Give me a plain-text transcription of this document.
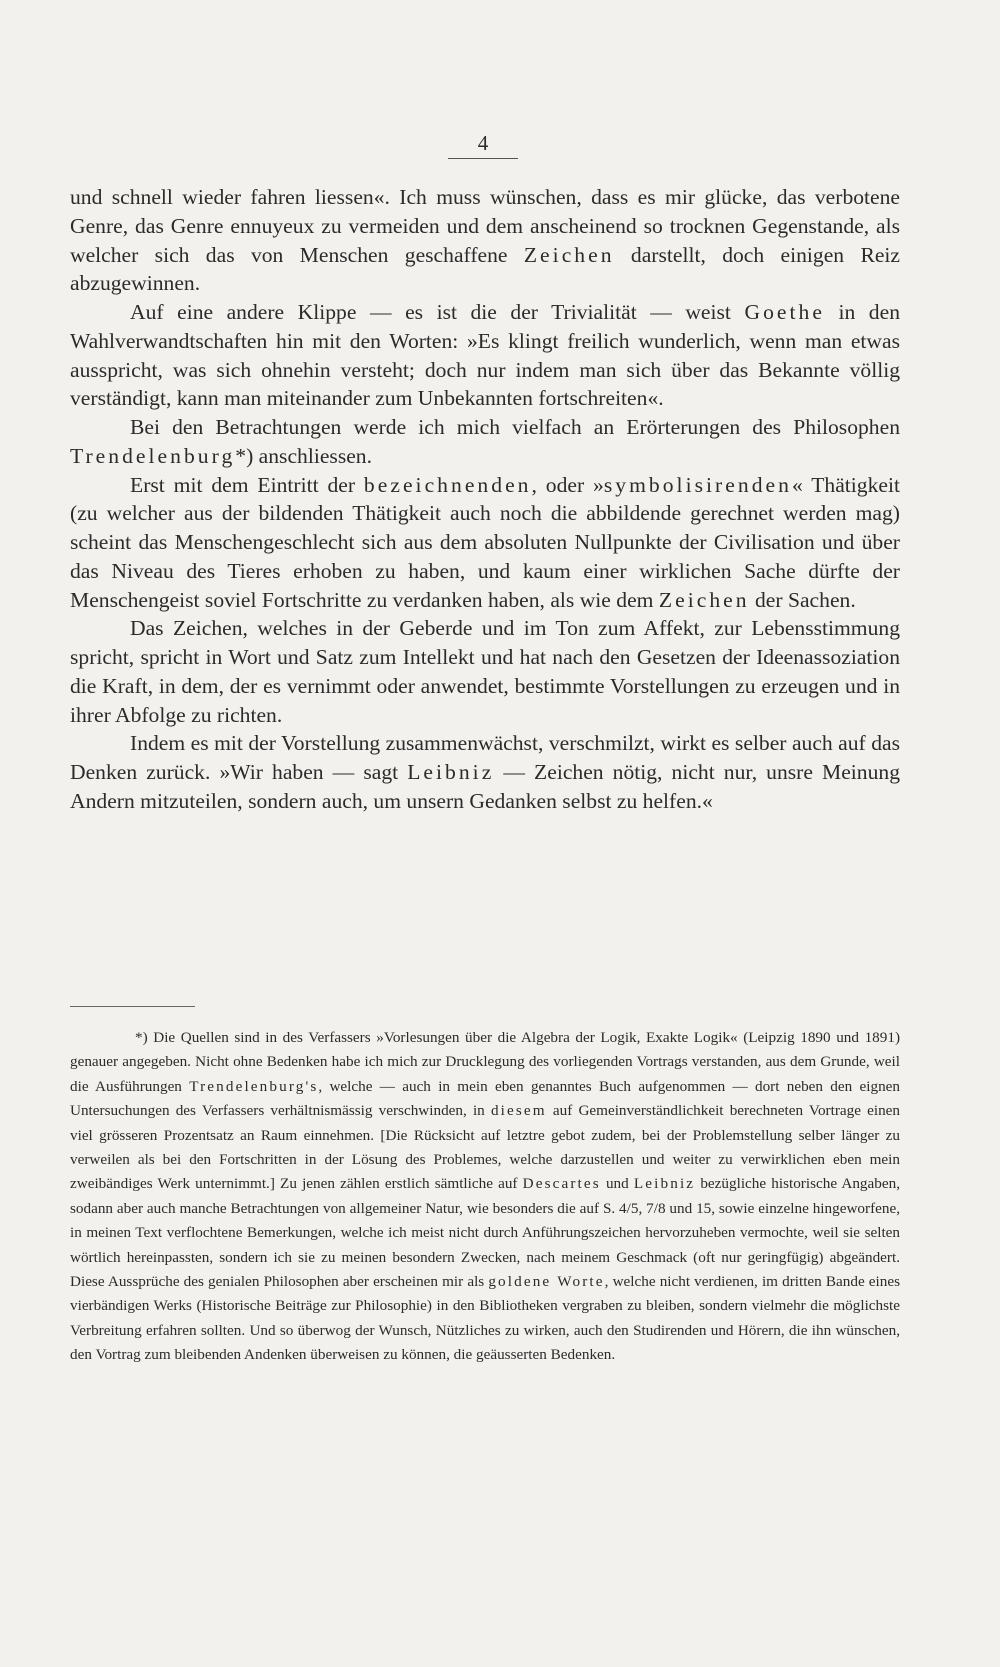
4

und schnell wieder fahren liessen«. Ich muss wünschen, dass es mir glücke, das verbotene Genre, das Genre ennuyeux zu vermeiden und dem anscheinend so trocknen Gegenstande, als welcher sich das von Menschen geschaffene Zeichen darstellt, doch einigen Reiz abzugewinnen.

Auf eine andere Klippe — es ist die der Trivialität — weist Goethe in den Wahlverwandtschaften hin mit den Worten: »Es klingt freilich wunderlich, wenn man etwas ausspricht, was sich ohnehin versteht; doch nur indem man sich über das Bekannte völlig verständigt, kann man miteinander zum Unbekannten fortschreiten«.

Bei den Betrachtungen werde ich mich vielfach an Erörterungen des Philosophen Trendelenburg*) anschliessen.

Erst mit dem Eintritt der bezeichnenden, oder »symbolisirenden« Thätigkeit (zu welcher aus der bildenden Thätigkeit auch noch die abbildende gerechnet werden mag) scheint das Menschengeschlecht sich aus dem absoluten Nullpunkte der Civilisation und über das Niveau des Tieres erhoben zu haben, und kaum einer wirklichen Sache dürfte der Menschengeist soviel Fortschritte zu verdanken haben, als wie dem Zeichen der Sachen.

Das Zeichen, welches in der Geberde und im Ton zum Affekt, zur Lebensstimmung spricht, spricht in Wort und Satz zum Intellekt und hat nach den Gesetzen der Ideenassoziation die Kraft, in dem, der es vernimmt oder anwendet, bestimmte Vorstellungen zu erzeugen und in ihrer Abfolge zu richten.

Indem es mit der Vorstellung zusammenwächst, verschmilzt, wirkt es selber auch auf das Denken zurück. »Wir haben — sagt Leibniz — Zeichen nötig, nicht nur, unsre Meinung Andern mitzuteilen, sondern auch, um unsern Gedanken selbst zu helfen.«

*) Die Quellen sind in des Verfassers »Vorlesungen über die Algebra der Logik, Exakte Logik« (Leipzig 1890 und 1891) genauer angegeben. Nicht ohne Bedenken habe ich mich zur Drucklegung des vorliegenden Vortrags verstanden, aus dem Grunde, weil die Ausführungen Trendelenburg's, welche — auch in mein eben genanntes Buch aufgenommen — dort neben den eignen Untersuchungen des Verfassers verhältnismässig verschwinden, in diesem auf Gemeinverständlichkeit berechneten Vortrage einen viel grösseren Prozentsatz an Raum einnehmen. [Die Rücksicht auf letztre gebot zudem, bei der Problemstellung selber länger zu verweilen als bei den Fortschritten in der Lösung des Problemes, welche darzustellen und weiter zu verwirklichen eben mein zweibändiges Werk unternimmt.] Zu jenen zählen erstlich sämtliche auf Descartes und Leibniz bezügliche historische Angaben, sodann aber auch manche Betrachtungen von allgemeiner Natur, wie besonders die auf S. 4/5, 7/8 und 15, sowie einzelne hingeworfene, in meinen Text verflochtene Bemerkungen, welche ich meist nicht durch Anführungszeichen hervorzuheben vermochte, weil sie selten wörtlich hereinpassten, sondern ich sie zu meinen besondern Zwecken, nach meinem Geschmack (oft nur geringfügig) abgeändert. Diese Aussprüche des genialen Philosophen aber erscheinen mir als goldene Worte, welche nicht verdienen, im dritten Bande eines vierbändigen Werks (Historische Beiträge zur Philosophie) in den Bibliotheken vergraben zu bleiben, sondern vielmehr die möglichste Verbreitung erfahren sollten. Und so überwog der Wunsch, Nützliches zu wirken, auch den Studirenden und Hörern, die ihn wünschen, den Vortrag zum bleibenden Andenken überweisen zu können, die geäusserten Bedenken.
